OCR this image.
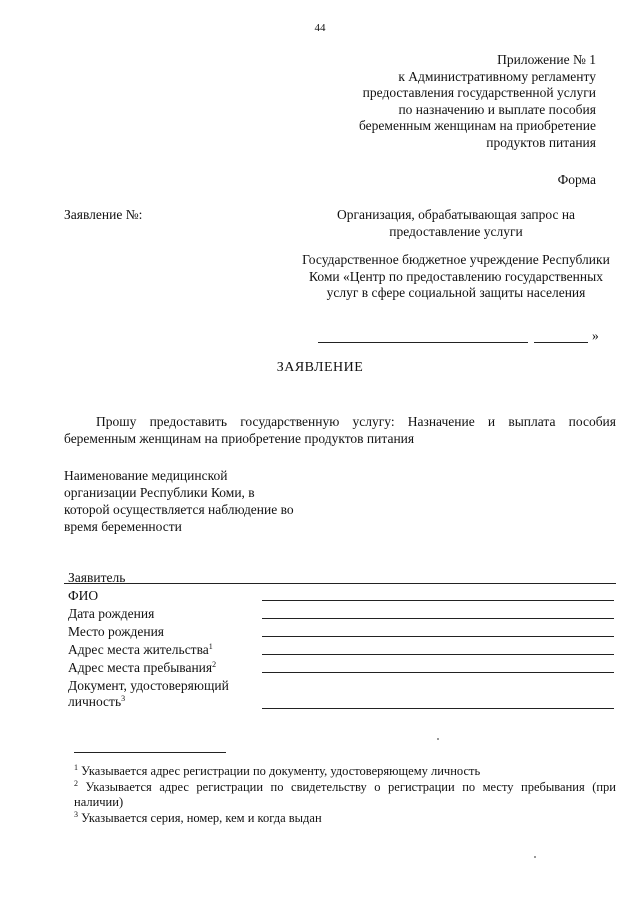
44
Приложение № 1
к Административному регламенту
предоставления государственной услуги
по назначению и выплате пособия
беременным женщинам на приобретение
продуктов питания
Форма
Заявление №:	Организация, обрабатывающая запрос на предоставление услуги
Государственное бюджетное учреждение Республики Коми «Центр по предоставлению государственных услуг в сфере социальной защиты населения
»
ЗАЯВЛЕНИЕ
Прошу предоставить государственную услугу: Назначение и выплата пособия беременным женщинам на приобретение продуктов питания
Наименование медицинской организации Республики Коми, в которой осуществляется наблюдение во время беременности
Заявитель
ФИО
Дата рождения
Место рождения
Адрес места жительства$^1$
Адрес места пребывания$^2$
Документ, удостоверяющий личность$^3$
$^1$ Указывается адрес регистрации по документу, удостоверяющему личность
$^2$ Указывается адрес регистрации по свидетельству о регистрации по месту пребывания (при наличии)
$^3$ Указывается серия, номер, кем и когда выдан
